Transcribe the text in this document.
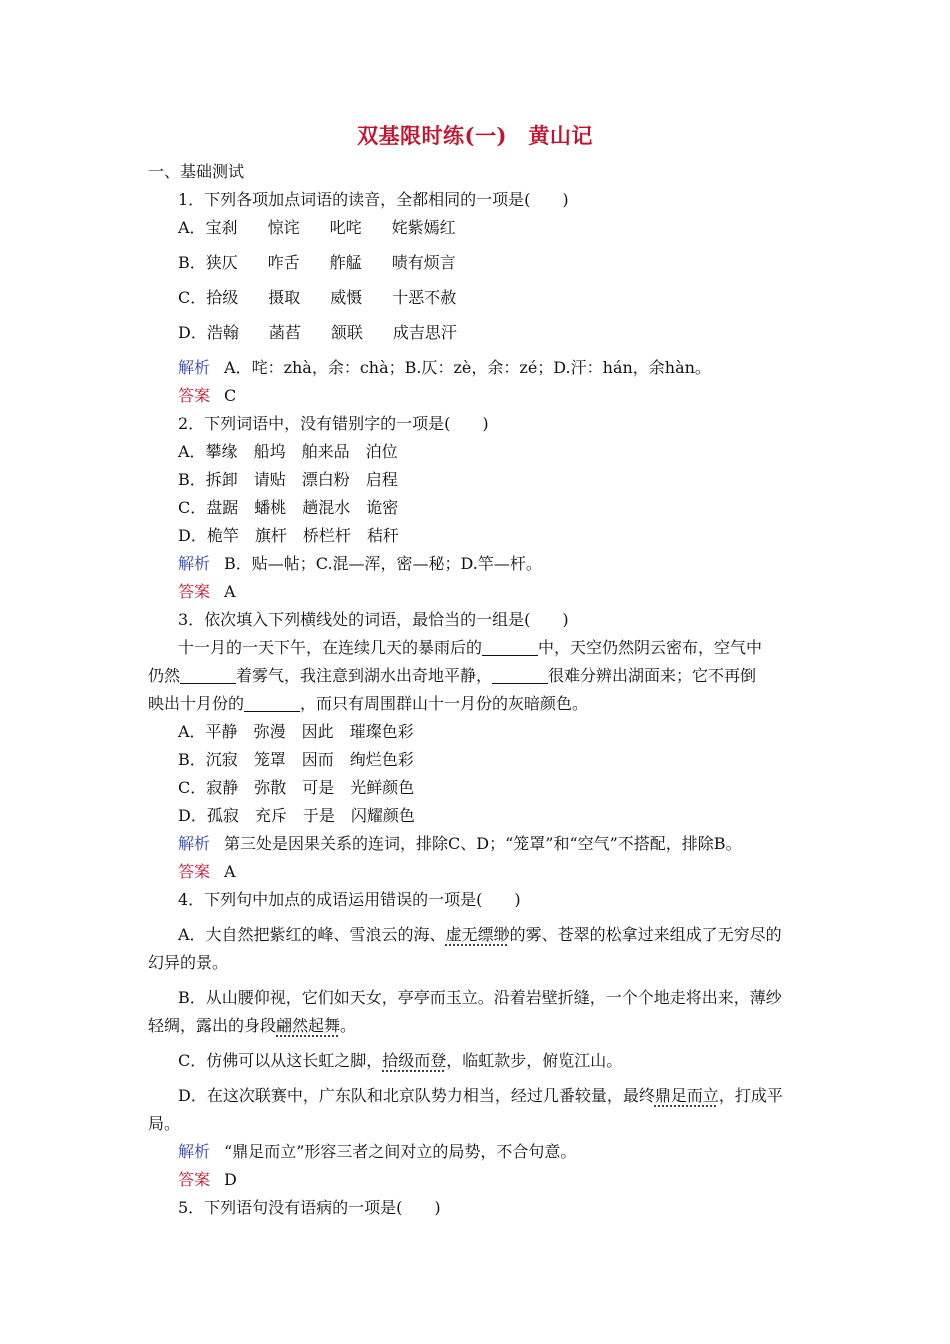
双基限时练(一)　黄山记
一、基础测试
1．下列各项加点词语的读音，全都相同的一项是(　　)
A．宝刹 惊诧 叱咤 姹紫嫣红
B．狭仄 咋舌 舴艋 啧有烦言
C．拾级 摄取 威慑 十恶不赦
D．浩翰 菡萏 颔联 成吉思汗
解析 A．咤：zhà，余：chà；B.仄：zè，余：zé；D.汗：hán，余hàn。
答案 C
2．下列词语中，没有错别字的一项是(　　)
A．攀缘 船坞 舶来品 泊位
B．拆卸 请贴 漂白粉 启程
C．盘踞 蟠桃 趟混水 诡密
D．桅竿 旗杆 桥栏杆 秸秆
解析 B．贴—帖；C.混—浑，密—秘；D.竿—杆。
答案 A
3．依次填入下列横线处的词语，最恰当的一组是(　　)
十一月的一天下午，在连续几天的暴雨后的	中，天空仍然阴云密布，空气中
仍然	着雾气，我注意到湖水出奇地平静，	很难分辨出湖面来；它不再倒
映出十月份的	，而只有周围群山十一月份的灰暗颜色。
A．平静 弥漫 因此 璀璨色彩
B．沉寂 笼罩 因而 绚烂色彩
C．寂静 弥散 可是 光鲜颜色
D．孤寂 充斥 于是 闪耀颜色
解析 第三处是因果关系的连词，排除C、D；“笼罩”和“空气”不搭配，排除B。
答案 A
4．下列句中加点的成语运用错误的一项是(　　)
A．大自然把紫红的峰、雪浪云的海、虚无缥缈的雾、苍翠的松拿过来组成了无穷尽的
幻异的景。
B．从山腰仰视，它们如天女，亭亭而玉立。沿着岩壁折缝，一个个地走将出来，薄纱
轻绸，露出的身段翩然起舞。
C．仿佛可以从这长虹之脚，拾级而登，临虹款步，俯览江山。
D．在这次联赛中，广东队和北京队势力相当，经过几番较量，最终鼎足而立，打成平
局。
解析 “鼎足而立”形容三者之间对立的局势，不合句意。
答案 D
5．下列语句没有语病的一项是(　　)
